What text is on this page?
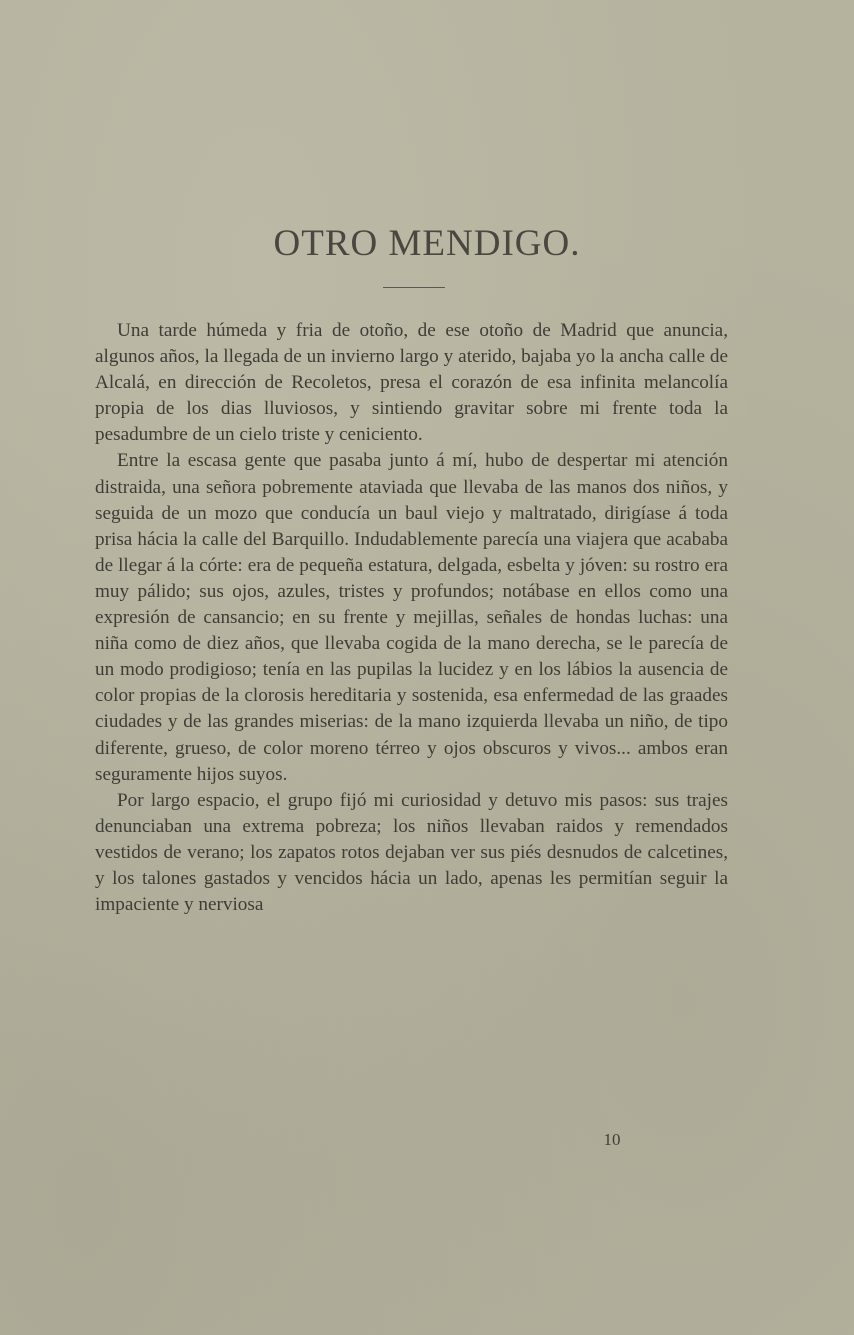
OTRO MENDIGO.

Una tarde húmeda y fria de otoño, de ese otoño de Madrid que anuncia, algunos años, la llegada de un invierno largo y aterido, bajaba yo la ancha calle de Alcalá, en dirección de Recoletos, presa el corazón de esa infinita melancolía propia de los dias lluviosos, y sintiendo gravitar sobre mi frente toda la pesadumbre de un cielo triste y ceniciento.

Entre la escasa gente que pasaba junto á mí, hubo de despertar mi atención distraida, una señora pobremente ataviada que llevaba de las manos dos niños, y seguida de un mozo que conducía un baul viejo y maltratado, dirigíase á toda prisa hácia la calle del Barquillo. Indudablemente parecía una viajera que acababa de llegar á la córte: era de pequeña estatura, delgada, esbelta y jóven: su rostro era muy pálido; sus ojos, azules, tristes y profundos; notábase en ellos como una expresión de cansancio; en su frente y mejillas, señales de hondas luchas: una niña como de diez años, que llevaba cogida de la mano derecha, se le parecía de un modo prodigioso; tenía en las pupilas la lucidez y en los lábios la ausencia de color propias de la clorosis hereditaria y sostenida, esa enfermedad de las graades ciudades y de las grandes miserias: de la mano izquierda llevaba un niño, de tipo diferente, grueso, de color moreno térreo y ojos obscuros y vivos... ambos eran seguramente hijos suyos.

Por largo espacio, el grupo fijó mi curiosidad y detuvo mis pasos: sus trajes denunciaban una extrema pobreza; los niños llevaban raidos y remendados vestidos de verano; los zapatos rotos dejaban ver sus piés desnudos de calcetines, y los talones gastados y vencidos hácia un lado, apenas les permitían seguir la impaciente y nerviosa

10
